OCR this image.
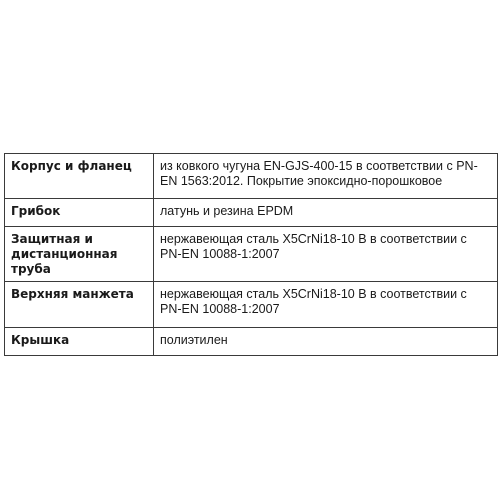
Корпус и фланец	из ковкого чугуна EN-GJS-400-15 в соответствии с PN-EN 1563:2012. Покрытие эпоксидно-порошковое
Грибок	латунь и резина EPDM
Защитная и дистанционная труба	нержавеющая сталь X5CrNi18-10 B в соответствии с PN-EN 10088-1:2007
Верхняя манжета	нержавеющая сталь X5CrNi18-10 B в соответствии с PN-EN 10088-1:2007
Крышка	полиэтилен
